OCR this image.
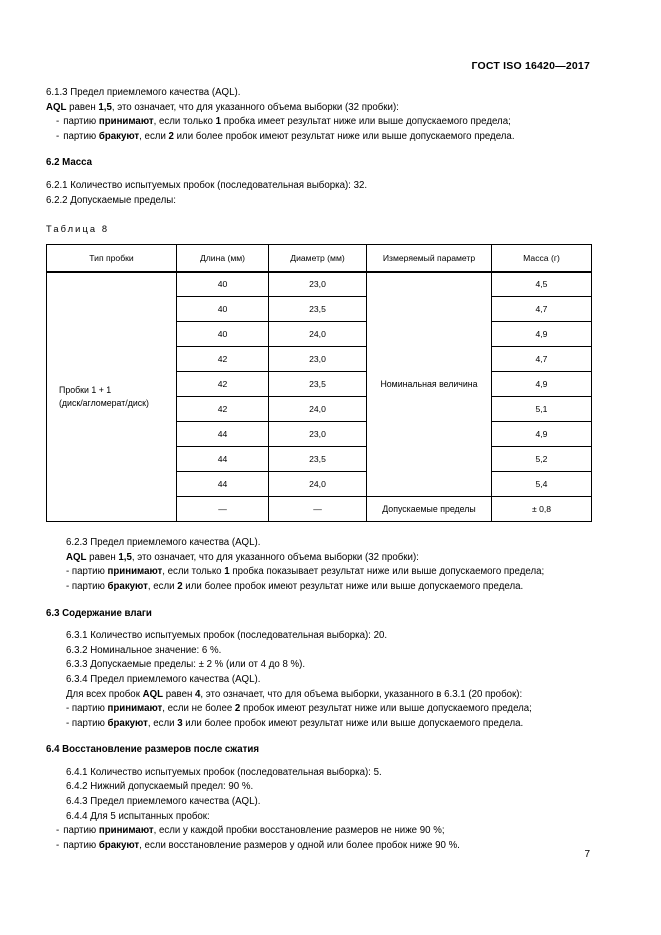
ГОСТ ISO 16420—2017

6.1.3 Предел приемлемого качества (AQL).

AQL равен 1,5, это означает, что для указанного объема выборки (32 пробки):

- партию принимают, если только 1 пробка имеет результат ниже или выше допускаемого предела;

- партию бракуют, если 2 или более пробок имеют результат ниже или выше допускаемого предела.

6.2 Масса

6.2.1 Количество испытуемых пробок (последовательная выборка): 32.

6.2.2 Допускаемые пределы:

Таблица 8

Тип пробки	Длина (мм)	Диаметр (мм)	Измеряемый параметр	Масса (г)
Пробки 1 + 1
(диск/агломерат/диск)	40	23,0	Номинальная величина	4,5
	40	23,5		4,7
	40	24,0		4,9
	42	23,0		4,7
	42	23,5		4,9
	42	24,0		5,1
	44	23,0		4,9
	44	23,5		5,2
	44	24,0		5,4
	—	—	Допускаемые пределы	± 0,8

6.2.3 Предел приемлемого качества (AQL).

AQL равен 1,5, это означает, что для указанного объема выборки (32 пробки):

- партию принимают, если только 1 пробка показывает результат ниже или выше допускаемого предела;

- партию бракуют, если 2 или более пробок имеют результат ниже или выше допускаемого предела.

6.3 Содержание влаги

6.3.1 Количество испытуемых пробок (последовательная выборка): 20.

6.3.2 Номинальное значение: 6 %.

6.3.3 Допускаемые пределы: ± 2 % (или от 4 до 8 %).

6.3.4 Предел приемлемого качества (AQL).

Для всех пробок AQL равен 4, это означает, что для объема выборки, указанного в 6.3.1 (20 пробок):

- партию принимают, если не более 2 пробок имеют результат ниже или выше допускаемого предела;

- партию бракуют, если 3 или более пробок имеют результат ниже или выше допускаемого предела.

6.4 Восстановление размеров после сжатия

6.4.1 Количество испытуемых пробок (последовательная выборка): 5.

6.4.2 Нижний допускаемый предел: 90 %.

6.4.3 Предел приемлемого качества (AQL).

6.4.4 Для 5 испытанных пробок:

- партию принимают, если у каждой пробки восстановление размеров не ниже 90 %;

- партию бракуют, если восстановление размеров у одной или более пробок ниже 90 %.

7
